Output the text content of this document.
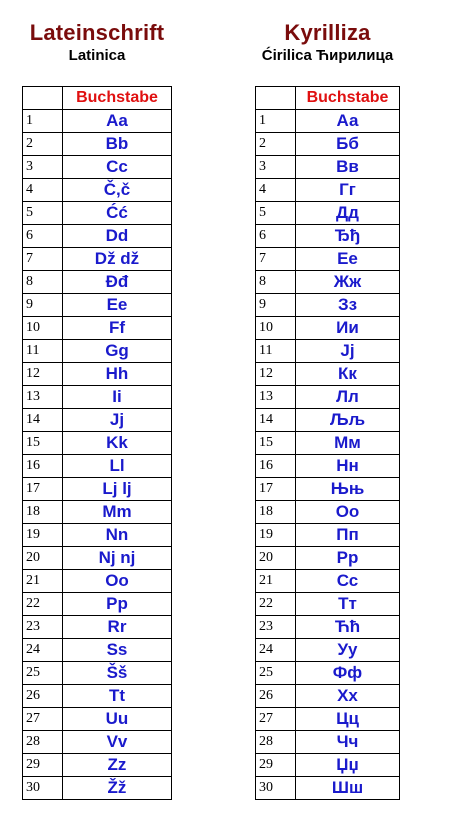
Lateinschrift
Latinica
	Buchstabe
1	Aa
2	Bb
3	Cc
4	Č,č
5	Ćć
6	Dd
7	Dž dž
8	Đđ
9	Ee
10	Ff
11	Gg
12	Hh
13	Ii
14	Jj
15	Kk
16	Ll
17	Lj lj
18	Mm
19	Nn
20	Nj nj
21	Oo
22	Pp
23	Rr
24	Ss
25	Šš
26	Tt
27	Uu
28	Vv
29	Zz
30	Žž
Kyrilliza
Ćirilica Ћирилица
	Buchstabe
1	Аа
2	Бб
3	Вв
4	Гг
5	Дд
6	Ђђ
7	Ее
8	Жж
9	Зз
10	Ии
11	Јј
12	Кк
13	Лл
14	Љљ
15	Мм
16	Нн
17	Њњ
18	Оо
19	Пп
20	Рр
21	Сс
22	Тт
23	Ћћ
24	Уу
25	Фф
26	Хх
27	Цц
28	Чч
29	Џџ
30	Шш
